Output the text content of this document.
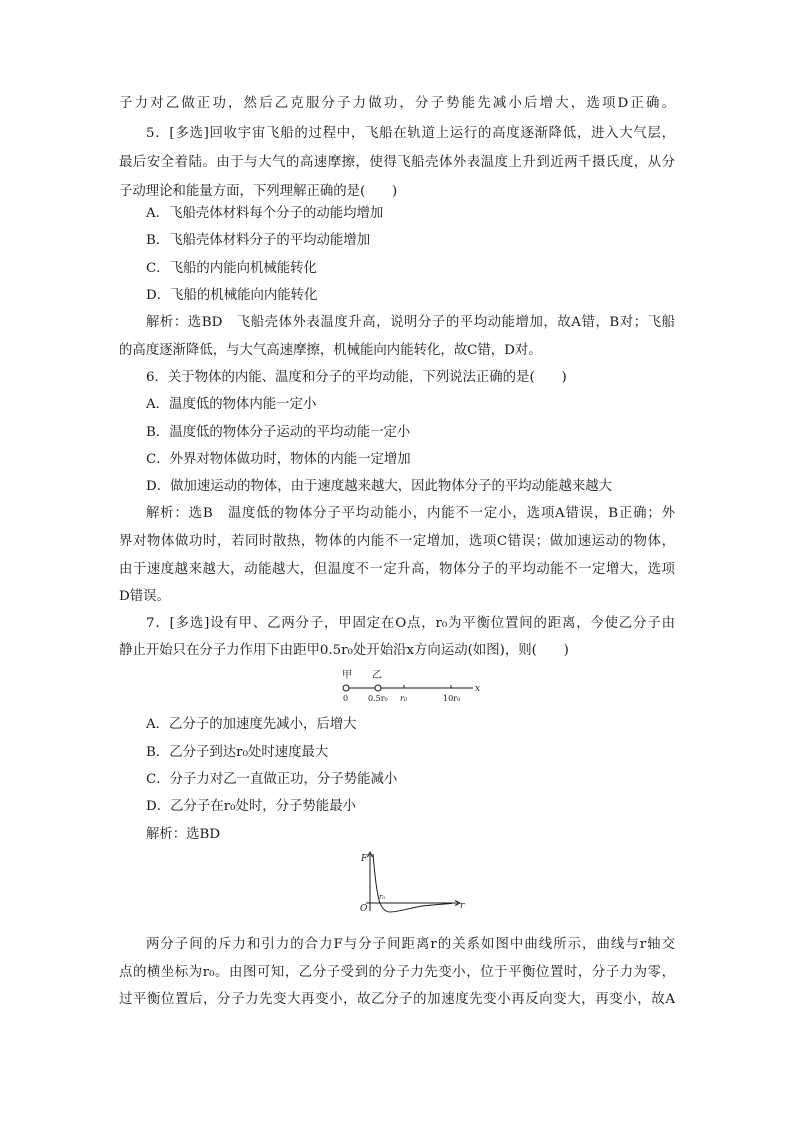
子力对乙做正功，然后乙克服分子力做功，分子势能先减小后增大，选项D正确。
5．[多选]回收宇宙飞船的过程中，飞船在轨道上运行的高度逐渐降低，进入大气层，
最后安全着陆。由于与大气的高速摩擦，使得飞船壳体外表温度上升到近两千摄氏度，从分
子动理论和能量方面，下列理解正确的是(　　)
A．飞船壳体材料每个分子的动能均增加
B．飞船壳体材料分子的平均动能增加
C．飞船的内能向机械能转化
D．飞船的机械能向内能转化
解析：选BD　飞船壳体外表温度升高，说明分子的平均动能增加，故A错，B对；飞船
的高度逐渐降低，与大气高速摩擦，机械能向内能转化，故C错，D对。
6．关于物体的内能、温度和分子的平均动能，下列说法正确的是(　　)
A．温度低的物体内能一定小
B．温度低的物体分子运动的平均动能一定小
C．外界对物体做功时，物体的内能一定增加
D．做加速运动的物体，由于速度越来越大，因此物体分子的平均动能越来越大
解析：选B　温度低的物体分子平均动能小，内能不一定小，选项A错误，B正确；外
界对物体做功时，若同时散热，物体的内能不一定增加，选项C错误；做加速运动的物体，
由于速度越来越大，动能越大，但温度不一定升高，物体分子的平均动能不一定增大，选项
D错误。
7．[多选]设有甲、乙两分子，甲固定在O点，r₀为平衡位置间的距离，今使乙分子由
静止开始只在分子力作用下由距甲0.5r₀处开始沿x方向运动(如图)，则(　　)
甲 乙
x
0 0.5r₀ r₀	10r₀
A．乙分子的加速度先减小，后增大
B．乙分子到达r₀处时速度最大
C．分子力对乙一直做正功，分子势能减小
D．乙分子在r₀处时，分子势能最小
解析：选BD
F
r
O
r₀
两分子间的斥力和引力的合力F与分子间距离r的关系如图中曲线所示，曲线与r轴交
点的横坐标为r₀。由图可知，乙分子受到的分子力先变小，位于平衡位置时，分子力为零，
过平衡位置后，分子力先变大再变小，故乙分子的加速度先变小再反向变大，再变小，故A
